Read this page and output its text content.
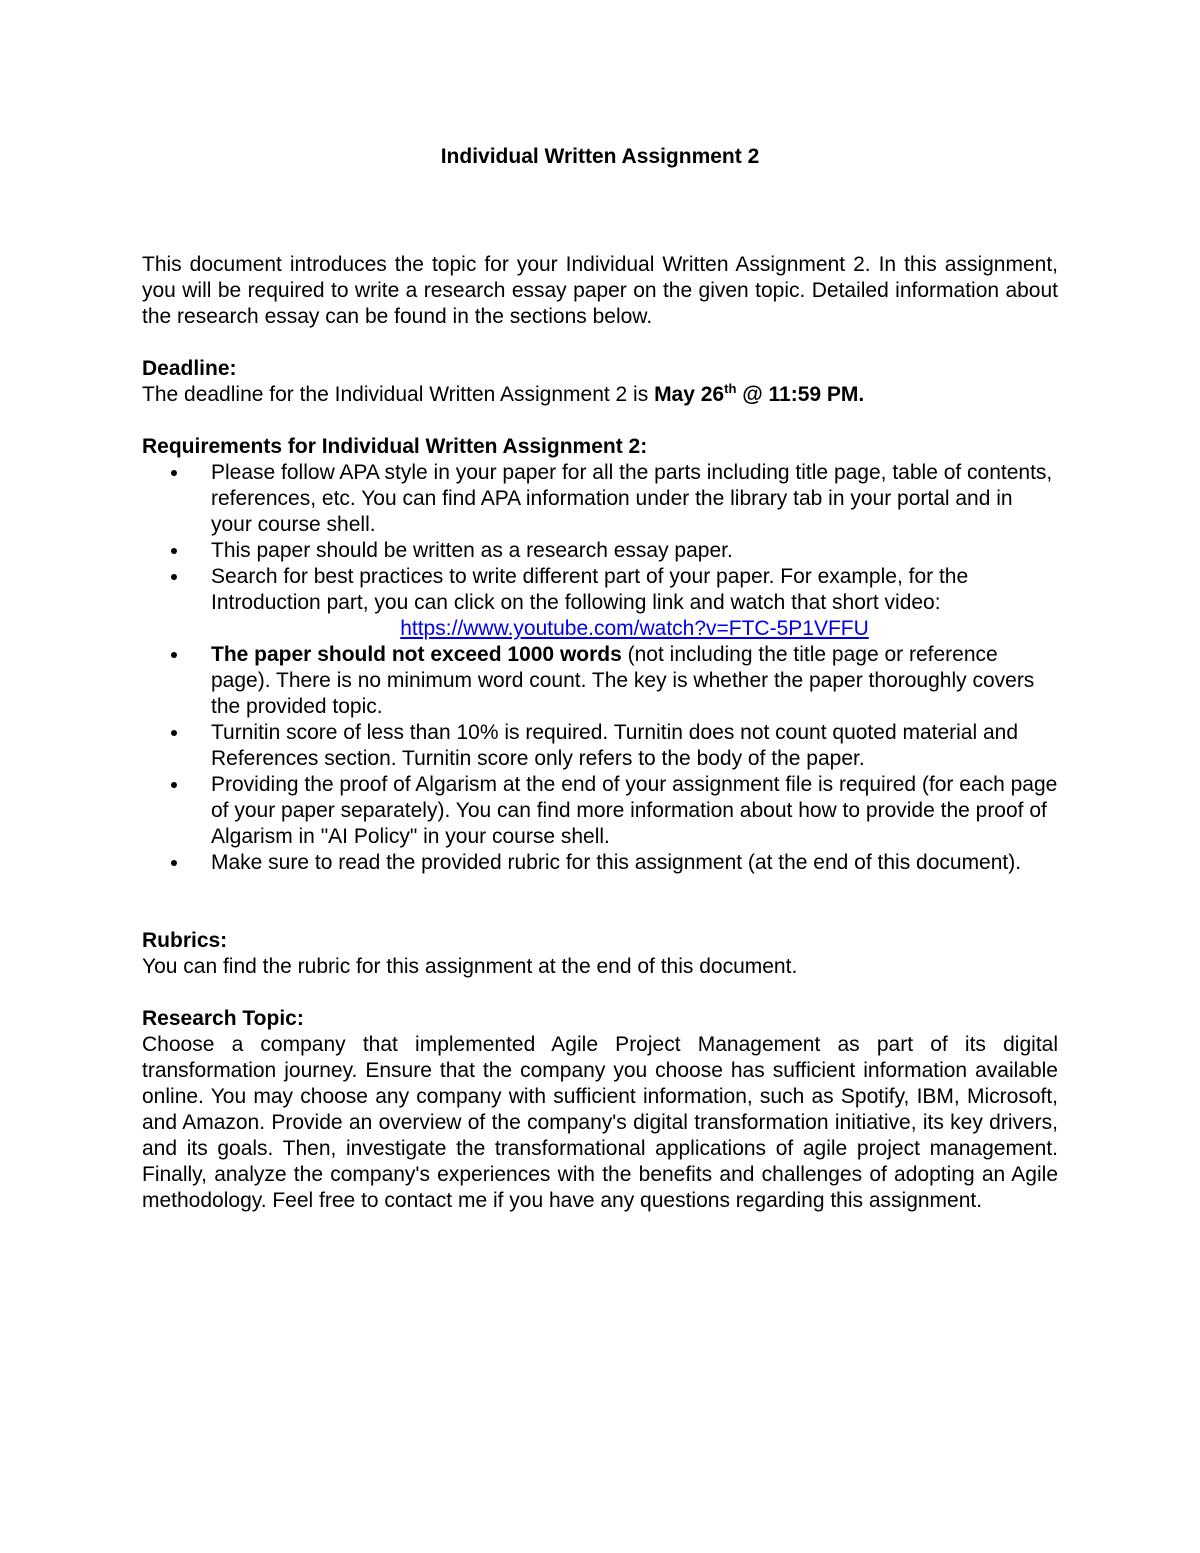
Individual Written Assignment 2

This document introduces the topic for your Individual Written Assignment 2. In this assignment, you will be required to write a research essay paper on the given topic. Detailed information about the research essay can be found in the sections below.

Deadline:

The deadline for the Individual Written Assignment 2 is May 26th @ 11:59 PM.

Requirements for Individual Written Assignment 2:
Please follow APA style in your paper for all the parts including title page, table of contents, references, etc. You can find APA information under the library tab in your portal and in your course shell.
This paper should be written as a research essay paper.
Search for best practices to write different part of your paper. For example, for the Introduction part, you can click on the following link and watch that short video:
https://www.youtube.com/watch?v=FTC-5P1VFFU
The paper should not exceed 1000 words (not including the title page or reference page). There is no minimum word count. The key is whether the paper thoroughly covers the provided topic.
Turnitin score of less than 10% is required. Turnitin does not count quoted material and References section. Turnitin score only refers to the body of the paper.
Providing the proof of Algarism at the end of your assignment file is required (for each page of your paper separately). You can find more information about how to provide the proof of Algarism in "AI Policy" in your course shell.
Make sure to read the provided rubric for this assignment (at the end of this document).
Rubrics:

You can find the rubric for this assignment at the end of this document.

Research Topic:

Choose a company that implemented Agile Project Management as part of its digital transformation journey. Ensure that the company you choose has sufficient information available online. You may choose any company with sufficient information, such as Spotify, IBM, Microsoft, and Amazon. Provide an overview of the company's digital transformation initiative, its key drivers, and its goals. Then, investigate the transformational applications of agile project management. Finally, analyze the company's experiences with the benefits and challenges of adopting an Agile methodology. Feel free to contact me if you have any questions regarding this assignment.
